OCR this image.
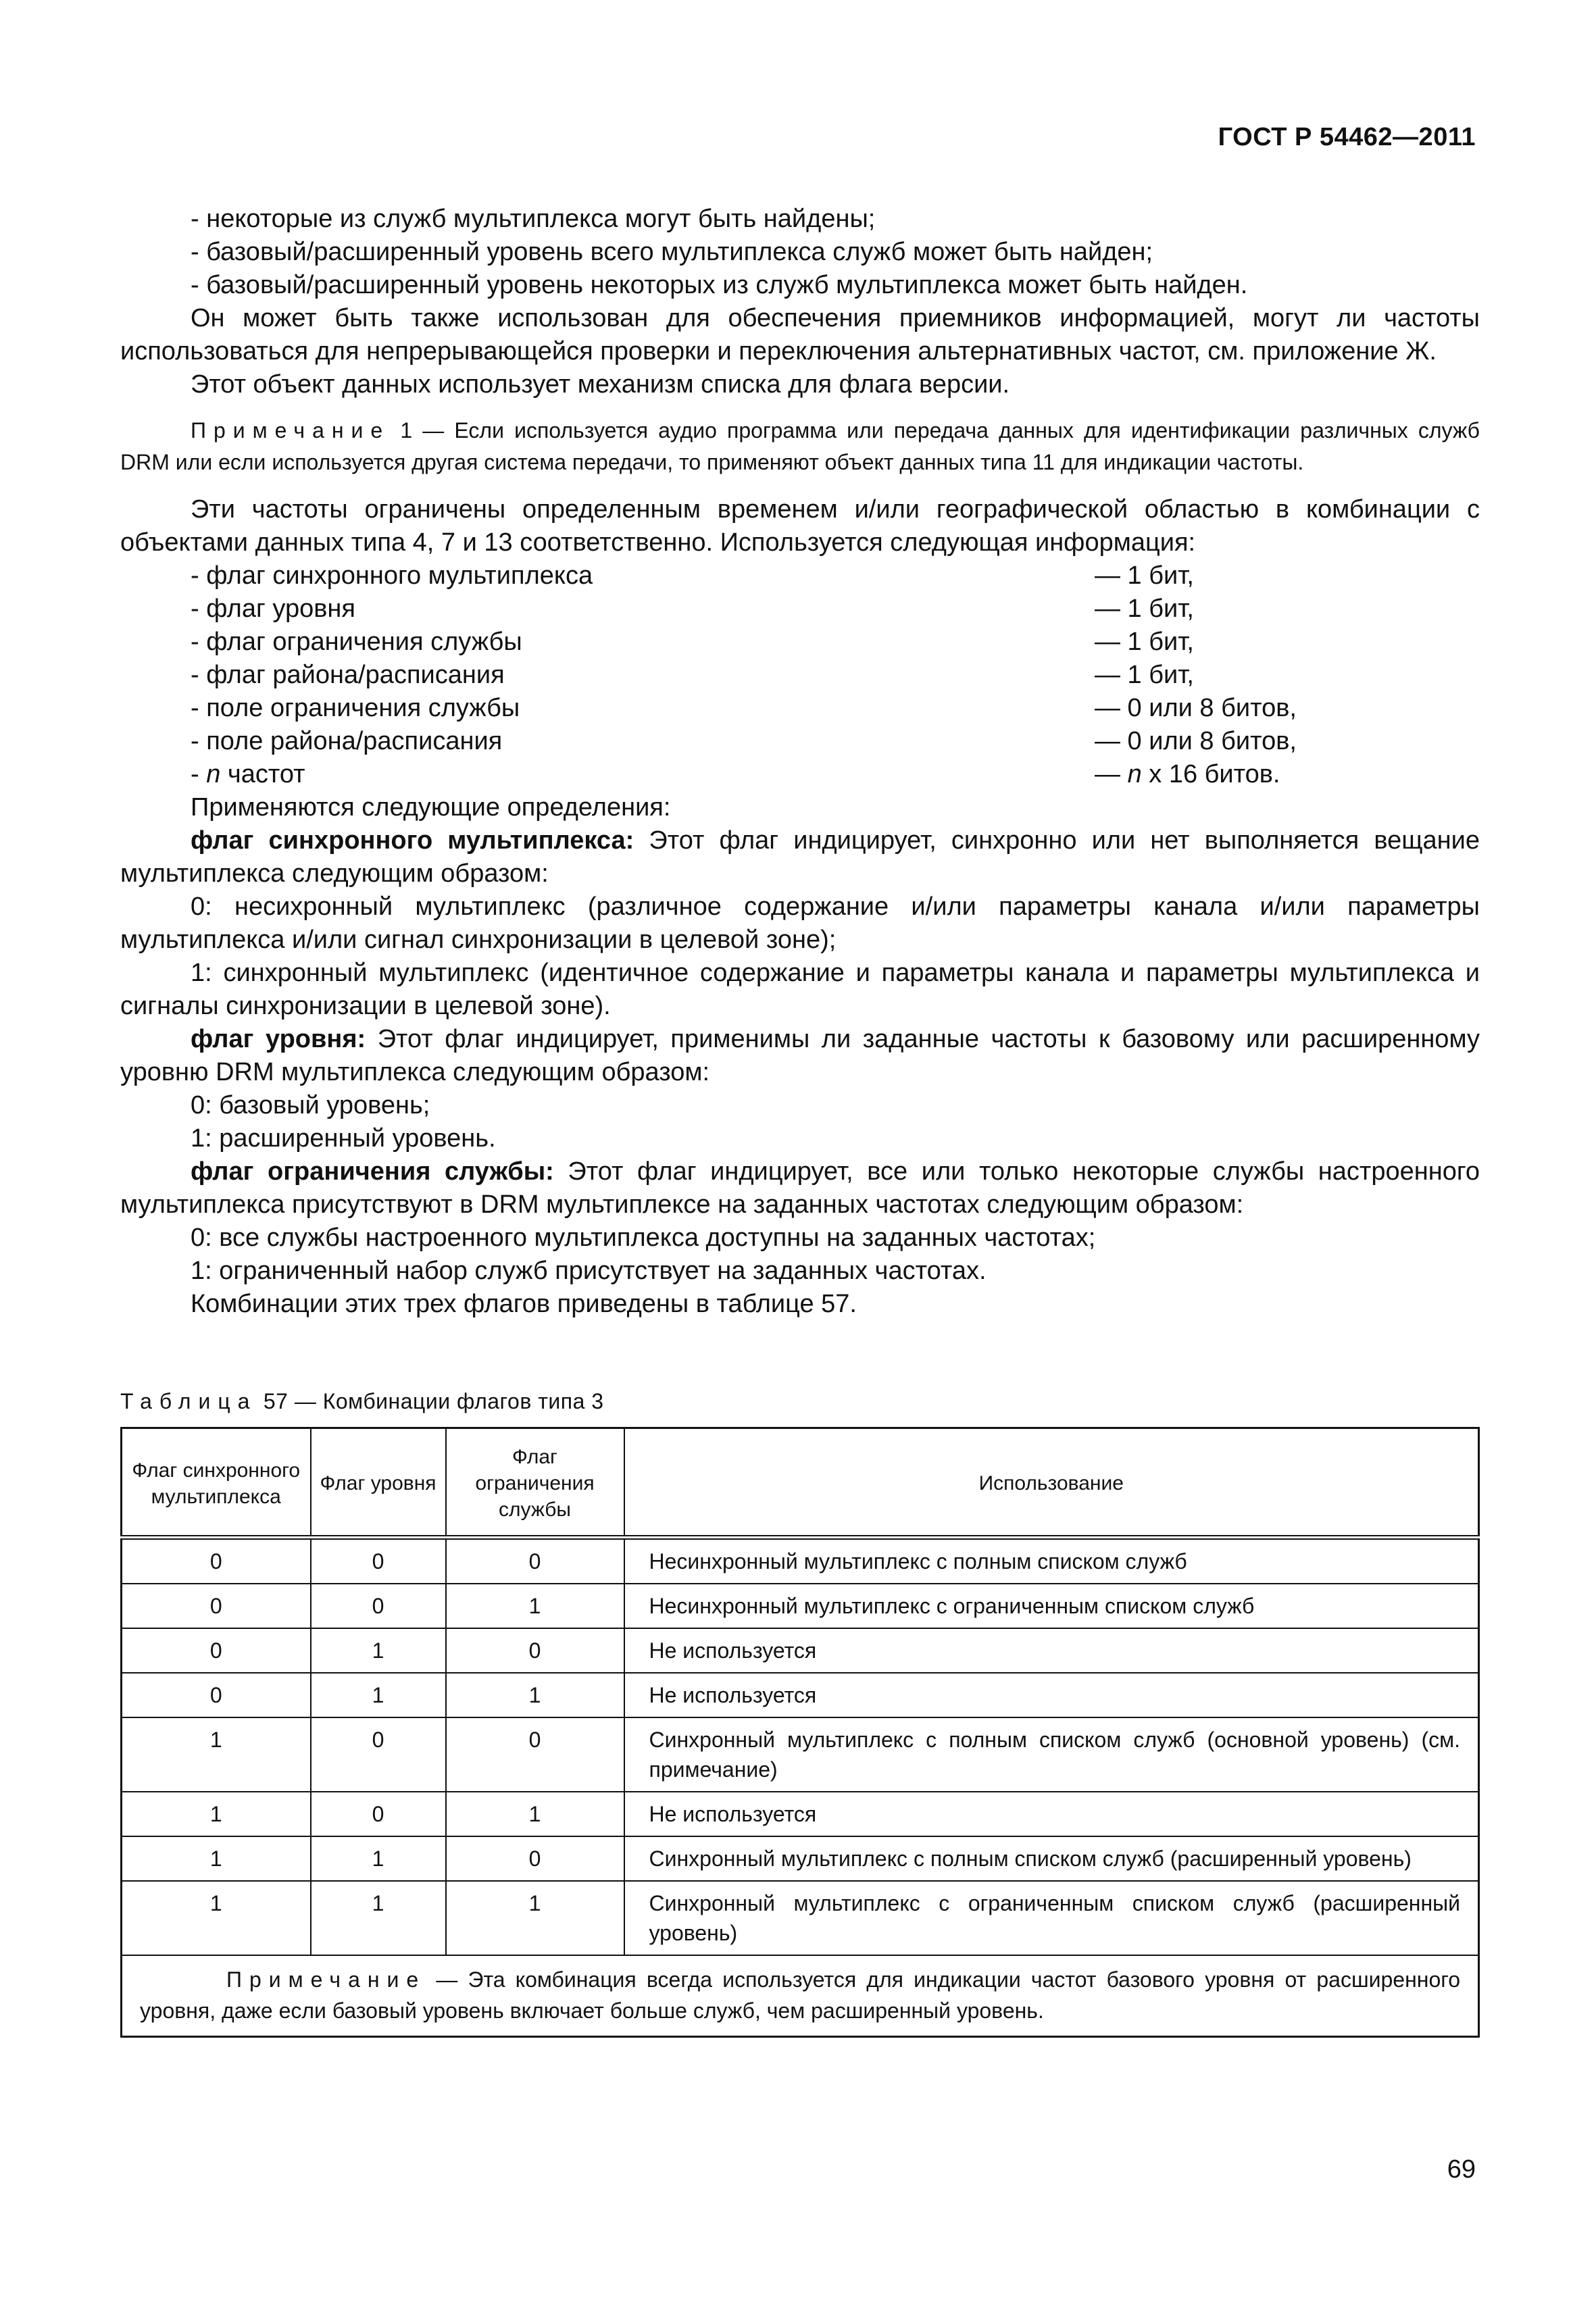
ГОСТ Р 54462—2011

- некоторые из служб мультиплекса могут быть найдены;

- базовый/расширенный уровень всего мультиплекса служб может быть найден;

- базовый/расширенный уровень некоторых из служб мультиплекса может быть найден.

Он может быть также использован для обеспечения приемников информацией, могут ли частоты использоваться для непрерывающейся проверки и переключения альтернативных частот, см. приложение Ж.

Этот объект данных использует механизм списка для флага версии.

Примечание 1 — Если используется аудио программа или передача данных для идентификации различных служб DRM или если используется другая система передачи, то применяют объект данных типа 11 для индикации частоты.

Эти частоты ограничены определенным временем и/или географической областью в комбинации с объектами данных типа 4, 7 и 13 соответственно. Используется следующая информация:

- флаг синхронного мультиплекса	— 1 бит,
- флаг уровня	— 1 бит,
- флаг ограничения службы	— 1 бит,
- флаг района/расписания	— 1 бит,
- поле ограничения службы	— 0 или 8 битов,
- поле района/расписания	— 0 или 8 битов,
- n частот	— n х 16 битов.

Применяются следующие определения:

флаг синхронного мультиплекса: Этот флаг индицирует, синхронно или нет выполняется вещание мультиплекса следующим образом:

0: несихронный мультиплекс (различное содержание и/или параметры канала и/или параметры мультиплекса и/или сигнал синхронизации в целевой зоне);

1: синхронный мультиплекс (идентичное содержание и параметры канала и параметры мультиплекса и сигналы синхронизации в целевой зоне).

флаг уровня: Этот флаг индицирует, применимы ли заданные частоты к базовому или расширенному уровню DRM мультиплекса следующим образом:

0: базовый уровень;

1: расширенный уровень.

флаг ограничения службы: Этот флаг индицирует, все или только некоторые службы настроенного мультиплекса присутствуют в DRM мультиплексе на заданных частотах следующим образом:

0: все службы настроенного мультиплекса доступны на заданных частотах;

1: ограниченный набор служб присутствует на заданных частотах.

Комбинации этих трех флагов приведены в таблице 57.

Таблица 57 — Комбинации флагов типа 3
Флаг синхронного мультиплекса	Флаг уровня	Флаг ограничения службы	Использование
0	0	0	Несинхронный мультиплекс с полным списком служб
0	0	1	Несинхронный мультиплекс с ограниченным списком служб
0	1	0	Не используется
0	1	1	Не используется
1	0	0	Синхронный мультиплекс с полным списком служб (основной уровень) (см. примечание)
1	0	1	Не используется
1	1	0	Синхронный мультиплекс с полным списком служб (расширенный уровень)
1	1	1	Синхронный мультиплекс с ограниченным списком служб (расширенный уровень)
Примечание — Эта комбинация всегда используется для индикации частот базового уровня от расширенного уровня, даже если базовый уровень включает больше служб, чем расширенный уровень.			
69
